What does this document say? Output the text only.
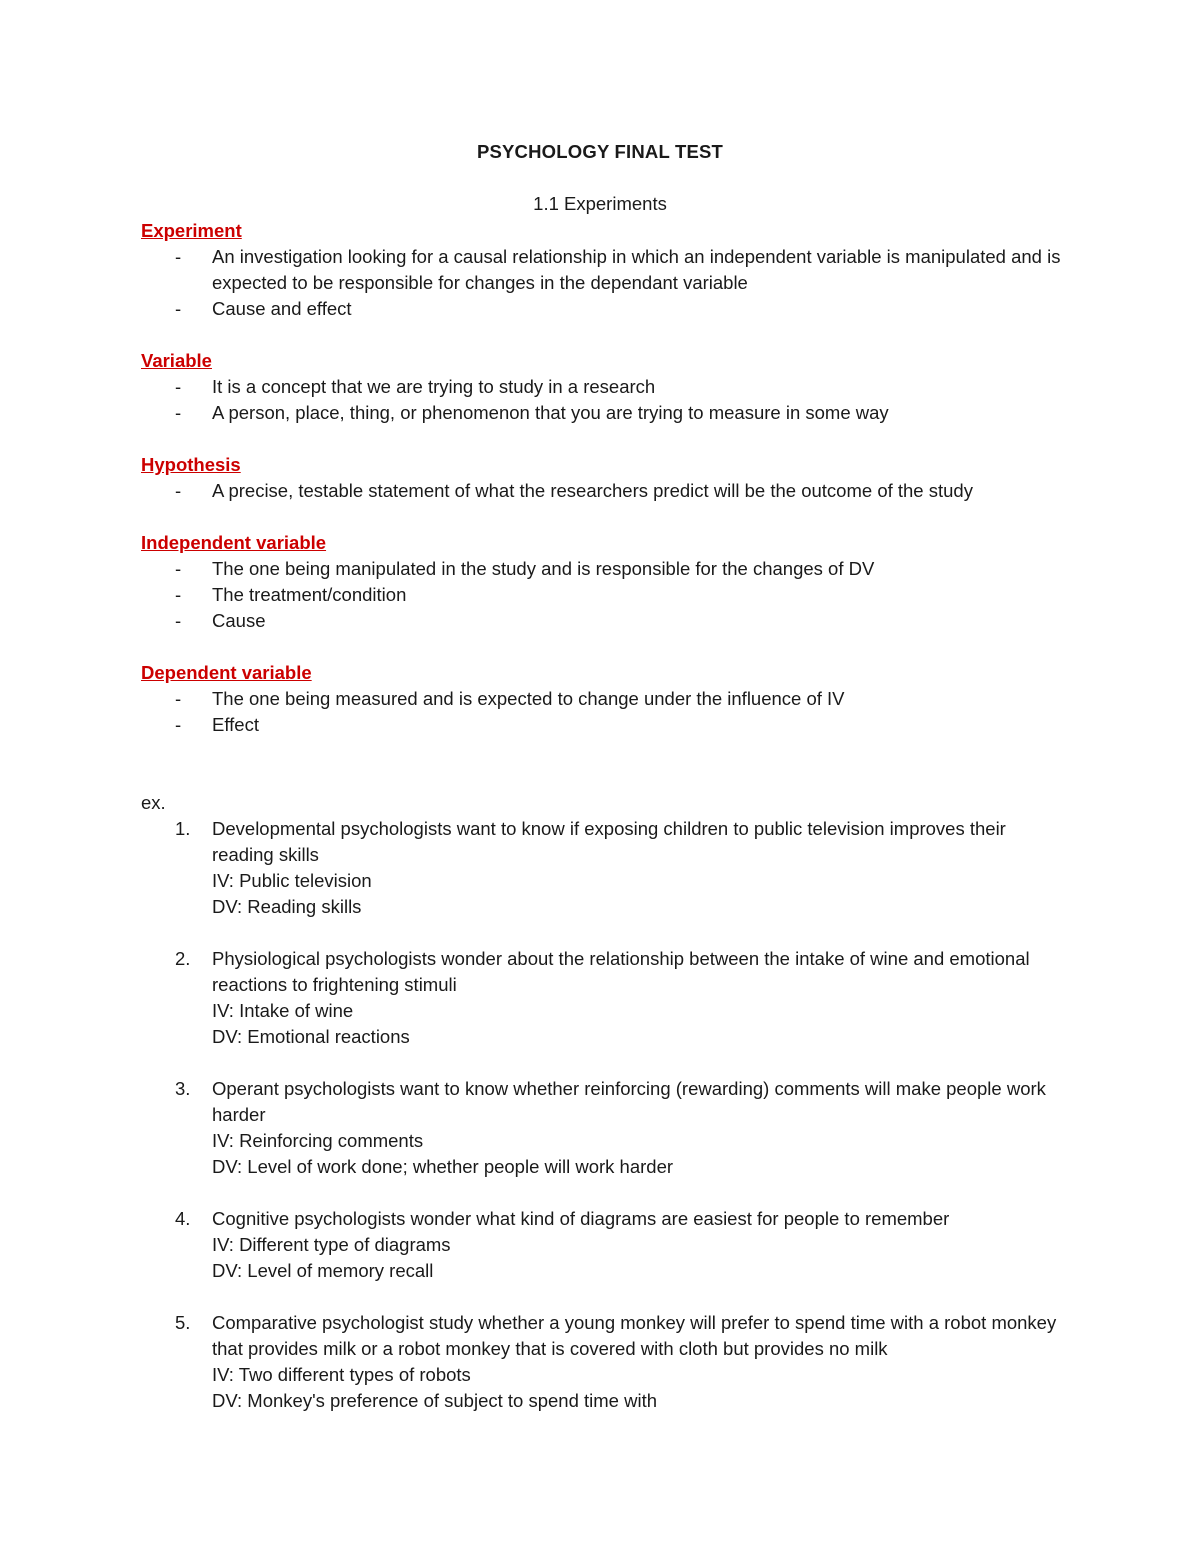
PSYCHOLOGY FINAL TEST
1.1 Experiments
Experiment
- An investigation looking for a causal relationship in which an independent variable is manipulated and is expected to be responsible for changes in the dependant variable
- Cause and effect
Variable
- It is a concept that we are trying to study in a research
- A person, place, thing, or phenomenon that you are trying to measure in some way
Hypothesis
- A precise, testable statement of what the researchers predict will be the outcome of the study
Independent variable
- The one being manipulated in the study and is responsible for the changes of DV
- The treatment/condition
- Cause
Dependent variable
- The one being measured and is expected to change under the influence of IV
- Effect
ex.
1. Developmental psychologists want to know if exposing children to public television improves their reading skills
IV: Public television
DV: Reading skills
2. Physiological psychologists wonder about the relationship between the intake of wine and emotional reactions to frightening stimuli
IV: Intake of wine
DV: Emotional reactions
3. Operant psychologists want to know whether reinforcing (rewarding) comments will make people work harder
IV: Reinforcing comments
DV: Level of work done; whether people will work harder
4. Cognitive psychologists wonder what kind of diagrams are easiest for people to remember
IV: Different type of diagrams
DV: Level of memory recall
5. Comparative psychologist study whether a young monkey will prefer to spend time with a robot monkey that provides milk or a robot monkey that is covered with cloth but provides no milk
IV: Two different types of robots
DV: Monkey's preference of subject to spend time with
